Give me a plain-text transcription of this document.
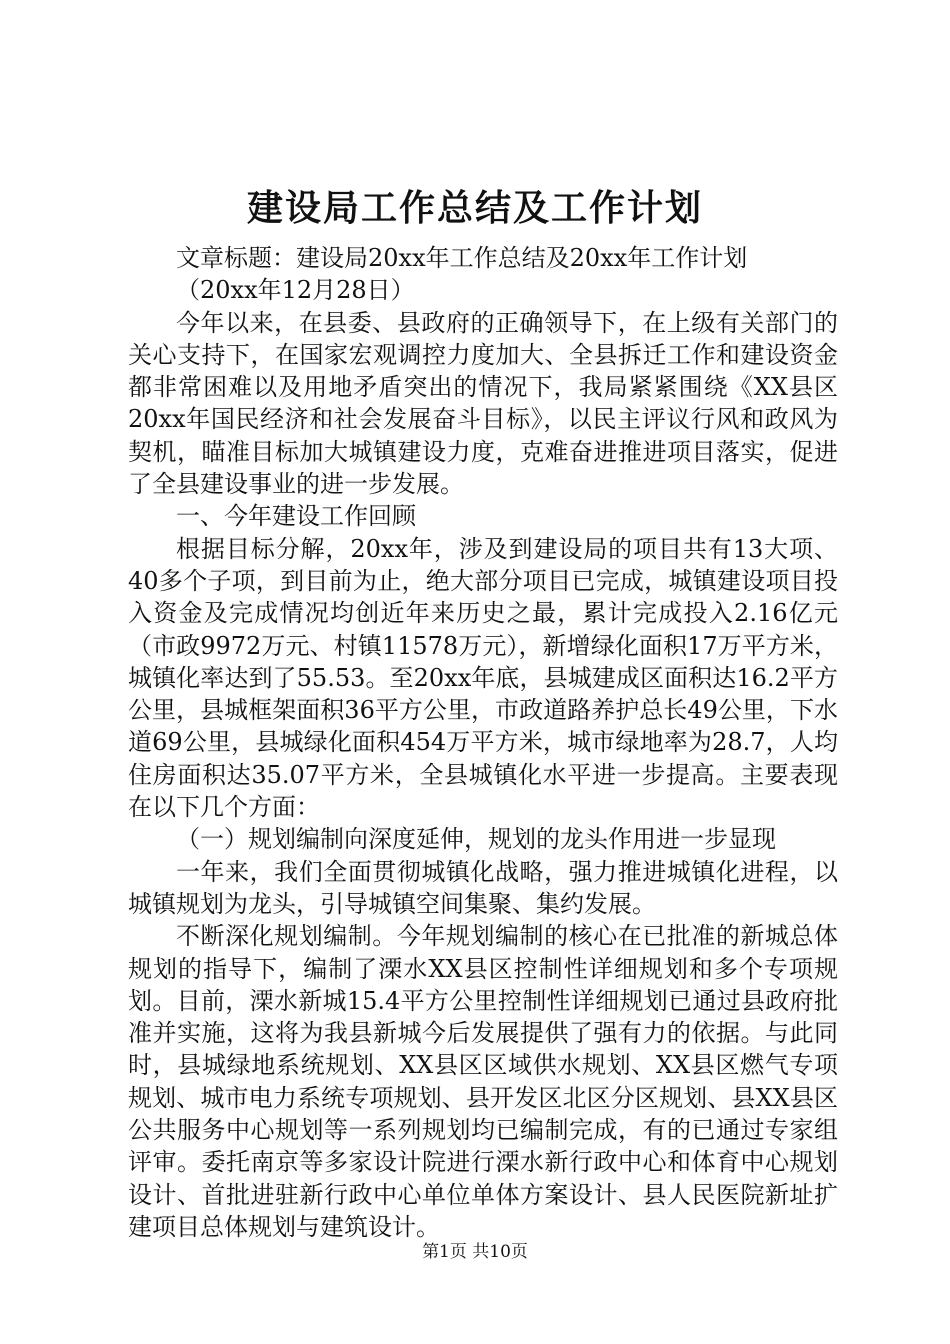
建设局工作总结及工作计划

文章标题：建设局20xx年工作总结及20xx年工作计划

（20xx年12月28日）

今年以来，在县委、县政府的正确领导下，在上级有关部门的关心支持下，在国家宏观调控力度加大、全县拆迁工作和建设资金都非常困难以及用地矛盾突出的情况下，我局紧紧围绕《XX县区20xx年国民经济和社会发展奋斗目标》，以民主评议行风和政风为契机，瞄准目标加大城镇建设力度，克难奋进推进项目落实，促进了全县建设事业的进一步发展。

一、今年建设工作回顾

根据目标分解，20xx年，涉及到建设局的项目共有13大项、40多个子项，到目前为止，绝大部分项目已完成，城镇建设项目投入资金及完成情况均创近年来历史之最，累计完成投入2.16亿元（市政9972万元、村镇11578万元），新增绿化面积17万平方米，城镇化率达到了55.53。至20xx年底，县城建成区面积达16.2平方公里，县城框架面积36平方公里，市政道路养护总长49公里，下水道69公里，县城绿化面积454万平方米，城市绿地率为28.7，人均住房面积达35.07平方米，全县城镇化水平进一步提高。主要表现在以下几个方面：

（一）规划编制向深度延伸，规划的龙头作用进一步显现

一年来，我们全面贯彻城镇化战略，强力推进城镇化进程，以城镇规划为龙头，引导城镇空间集聚、集约发展。

不断深化规划编制。今年规划编制的核心在已批准的新城总体规划的指导下，编制了溧水XX县区控制性详细规划和多个专项规划。目前，溧水新城15.4平方公里控制性详细规划已通过县政府批准并实施，这将为我县新城今后发展提供了强有力的依据。与此同时，县城绿地系统规划、XX县区区域供水规划、XX县区燃气专项规划、城市电力系统专项规划、县开发区北区分区规划、县XX县区公共服务中心规划等一系列规划均已编制完成，有的已通过专家组评审。委托南京等多家设计院进行溧水新行政中心和体育中心规划设计、首批进驻新行政中心单位单体方案设计、县人民医院新址扩建项目总体规划与建筑设计。

第1页 共10页
